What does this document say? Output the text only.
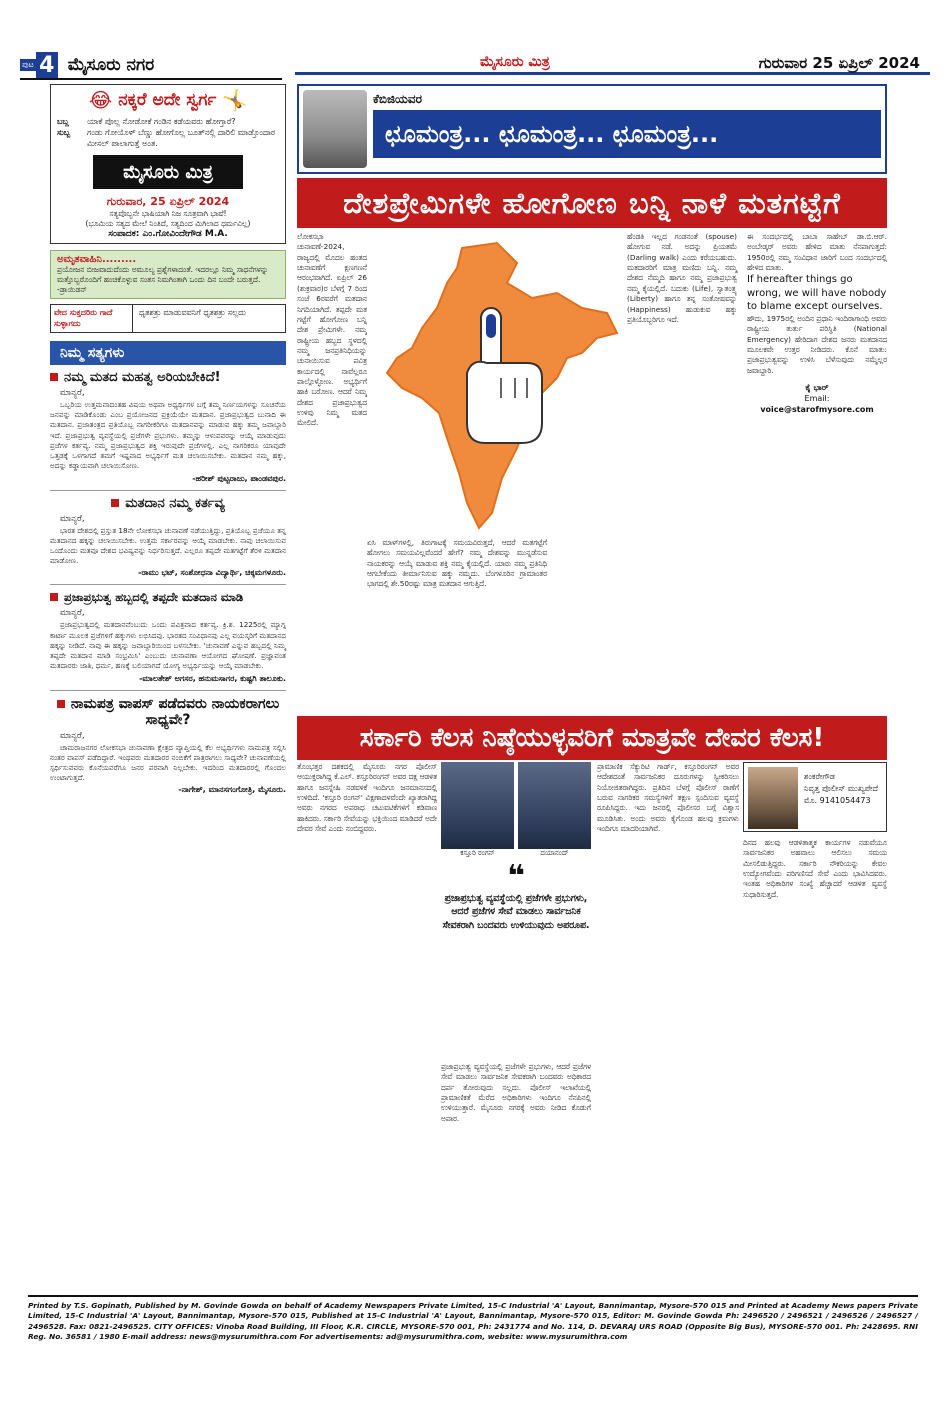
ಪುಟ 4 ಮೈಸೂರು ನಗರ	ಮೈಸೂರು ಮಿತ್ರ	ಗುರುವಾರ 25 ಏಪ್ರಿಲ್ 2024
😂 ನಕ್ಕರೆ ಅದೇ ಸ್ವರ್ಗ 🤸
ಬಬ್ಲ	ಯಾಕೆ ಪೊಲ್ಲ ನೋಡೋಕೆ ಗಂಡಿನ ಕಡೆಯವರು ಹೋಗ್ತಾರೆ?
ಸುಬ್ಬ	ಗಂಡು ಗೋಯೊಳ್ ಬೆಣ್ಣು ಹೋಗೊಲ್ಲ ಬೂತ್‌ನಲ್ಲಿ ದಾರಿಲಿ ಮಾಡ್ತೊಂದಾರ ಮೀಸಲ್ ಪಾಲಾಗುತ್ತೆ ಅಂತ.
ಮೈಸೂರು ಮಿತ್ರ
ಗುರುವಾರ, 25 ಏಪ್ರಿಲ್ 2024
ಸತ್ಯವೊಬ್ಬನೇ ಭಾಷಿಯಾಗಿ ನಿಜ ಸೂತ್ರವಾಗಿ ಭಾಷೆ!
(ಭೂಮಿಯ ಸತ್ಯದ ಮೇಲೆ ನಿಂತಿದೆ, ಸತ್ಯದಿಂದ ಮಿಗಿಲಾದ ಧರ್ಮವಿಲ್ಲ)
ಸಂಪಾದಕ: ಎಂ.ಗೋವಿಂದೇಗೌಡ M.A.
ಅಮೃತವಾಹಿನಿ.........
ಪ್ರಯೋಜನ ಬೀಜವಾದುದೆಂದು ಅಮೂಲ್ಯ ಪ್ರಶ್ನೆಗಳಾದಂತೆ. ಇದರಲ್ಲೂ ನಿಮ್ಮ ಸಾಧನೆಗಳನ್ನು ಮತ್ತೊಬ್ಬರೊಂದಿಗೆ ಹಂಚಿಕೊಳ್ಳುವ ಸಂತಸ ನಿಮಗಿಂತಾಗಿ ಒಂದು ದಿನ ಬಂದೇ ಬರುತ್ತದೆ. -ಡ್ರಾಯಿಡನ್
ವೇದ ಸುಕ್ತದರಿರು ಗಾದೆ ಸುಳ್ಳಾಗದು
ಧೃತಶತ್ರು ಮಾಡುವವನಿಗೆ ಧೃತಶತ್ರು ಸಲ್ಲದು
ನಿಮ್ಮ ಸತ್ಯಗಳು
ನಮ್ಮ ಮತದ ಮಹತ್ವ ಅರಿಯಬೇಕಿದೆ!
ಮಾನ್ಯರೆ,

ಒಬ್ಬರಿಯ ಉತ್ತಮವಾದಂತಹ ವಿಷಯ ಅಥವಾ ಅಧ್ಯರ್ಥಿಗಳ ಬಗ್ಗೆ ತಮ್ಮ ನಿರ್ಣಯಗಳನ್ನು ಸೂಚನೆಯ ಜನವನ್ನು ಮಾಡಿಕೊಂಡು ಎಂಬ ಪ್ರಯೋಜನದ ಪ್ರಕ್ರಿಯೆಯೇ ಮತದಾನ. ಪ್ರಜಾಪ್ರಭುತ್ವದ ಬುನಾದಿ ಈ ಮತದಾನ. ಪ್ರಜಾತಂತ್ರದ ಪ್ರತಿಯೊಬ್ಬ ನಾಗರೀಕರಿಗೂ ಮತದಾನವನ್ನು ಮಾಡುವ ಹಕ್ಕು ತಮ್ಮ ಜವಾಬ್ದಾರಿ ಇದೆ. ಪ್ರಜಾಪ್ರಭುತ್ವ ವ್ಯವಸ್ಥೆಯಲ್ಲಿ ಪ್ರಜೆಗಳೇ ಪ್ರಭುಗಳು. ತಮ್ಮನ್ನು ಆಳುವವರನ್ನು ಆಯ್ಕೆ ಮಾಡುವುದು ಪ್ರಜೆಗಳ ಕರ್ತವ್ಯ. ನಮ್ಮ ಪ್ರಜಾಪ್ರಭುತ್ವದ ಶಕ್ತಿ ಇರುವುದೇ ಪ್ರಜೆಗಳಲ್ಲಿ. ಎಲ್ಲ ನಾಗರಿಕರೂ ಯಾವುದೇ ಒತ್ತಡಕ್ಕೆ ಒಳಗಾಗದೆ ತಮಗೆ ಇಷ್ಟವಾದ ಅಭ್ಯರ್ಥಿಗೆ ಮತ ಚಲಾಯಿಸಬೇಕು. ಮತದಾನ ನಮ್ಮ ಹಕ್ಕು, ಅದನ್ನು ಕಡ್ಡಾಯವಾಗಿ ಚಲಾಯಿಸೋಣ.

-ಹರೀಶ್ ಪುಟ್ಟರಾಜು, ಪಾಂಡವಪುರ.
ಮತದಾನ ನಮ್ಮ ಕರ್ತವ್ಯ
ಮಾನ್ಯರೆ,

ಭಾರತ ದೇಶದಲ್ಲಿ ಪ್ರಸ್ತುತ 18ನೇ ಲೋಕಸಭಾ ಚುನಾವಣೆ ನಡೆಯುತ್ತಿದ್ದು, ಪ್ರತಿಯೊಬ್ಬ ಪ್ರಜೆಯೂ ತನ್ನ ಮತದಾನದ ಹಕ್ಕನ್ನು ಚಲಾಯಿಸಬೇಕು. ಉತ್ತಮ ಸರ್ಕಾರವನ್ನು ಆಯ್ಕೆ ಮಾಡಬೇಕು. ನಾವು ಚಲಾಯಿಸುವ ಒಂದೊಂದು ಮತವೂ ದೇಶದ ಭವಿಷ್ಯವನ್ನು ನಿರ್ಧರಿಸುತ್ತದೆ. ಎಲ್ಲರೂ ತಪ್ಪದೇ ಮತಗಟ್ಟೆಗೆ ತೆರಳಿ ಮತದಾನ ಮಾಡೋಣ.

-ರಾಮು ಭಟ್, ಸಂಶೋಧನಾ ವಿದ್ಯಾರ್ಥಿ, ಚಿಕ್ಕಮಗಳೂರು.
ಪ್ರಜಾಪ್ರಭುತ್ವ ಹಬ್ಬದಲ್ಲಿ ತಪ್ಪದೇ ಮತದಾನ ಮಾಡಿ
ಮಾನ್ಯರೆ,

ಪ್ರಜಾಪ್ರಭುತ್ವದಲ್ಲಿ ಮತದಾನವೆಂಬುದು ಒಂದು ಪವಿತ್ರವಾದ ಕರ್ತವ್ಯ. ಕ್ರಿ.ಶ. 1225ರಲ್ಲಿ ಮ್ಯಾಗ್ನ ಕಾರ್ಟಾ ಮೂಲಕ ಪ್ರಜೆಗಳಿಗೆ ಹಕ್ಕುಗಳು ಲಭಿಸಿದವು. ಭಾರತದ ಸಂವಿಧಾನವು ಎಲ್ಲ ವಯಸ್ಕರಿಗೆ ಮತದಾನದ ಹಕ್ಕನ್ನು ನೀಡಿದೆ. ನಾವು ಈ ಹಕ್ಕನ್ನು ಜವಾಬ್ದಾರಿಯಿಂದ ಬಳಸಬೇಕು. 'ಚುನಾವಣೆ ಎನ್ನುವ ಹಬ್ಬದಲ್ಲಿ ನಿಮ್ಮ ತಪ್ಪದೇ ಮತದಾನ ಮಾಡಿ ಸಂಭ್ರಮಿಸಿ' ಎಂಬುದು ಚುನಾವಣಾ ಆಯೋಗದ ಘೋಷಣೆ. ಪ್ರಜ್ಞಾವಂತ ಮತದಾರರು ಜಾತಿ, ಧರ್ಮ, ಹಣಕ್ಕೆ ಬಲಿಯಾಗದೆ ಯೋಗ್ಯ ಅಭ್ಯರ್ಥಿಯನ್ನು ಆಯ್ಕೆ ಮಾಡಬೇಕು.

-ಮಾಲತೇಶ್ ಅಗಸರ, ಹನುಮಸಾಗರ, ಕುಷ್ಟಗಿ ತಾಲೂಕು.
ನಾಮಪತ್ರ ವಾಪಸ್ ಪಡೆದವರು ನಾಯಕರಾಗಲು ಸಾಧ್ಯವೇ?
ಮಾನ್ಯರೆ,

ಚಾಮರಾಜನಗರ ಲೋಕಸಭಾ ಚುನಾವಣಾ ಕ್ಷೇತ್ರದ ವ್ಯಾಪ್ತಿಯಲ್ಲಿ ಕೆಲ ಅಭ್ಯರ್ಥಿಗಳು ನಾಮಪತ್ರ ಸಲ್ಲಿಸಿ ನಂತರ ವಾಪಸ್ ಪಡೆದಿದ್ದಾರೆ. ಇಂಥವರು ಮತದಾರರ ನಂಬಿಕೆಗೆ ಪಾತ್ರರಾಗಲು ಸಾಧ್ಯವೇ? ಚುನಾವಣೆಯಲ್ಲಿ ಸ್ಪರ್ಧಿಸುವವರು ಕೊನೆಯವರೆಗೂ ಜನರ ಪರವಾಗಿ ನಿಲ್ಲಬೇಕು. ಇದರಿಂದ ಮತದಾರರಲ್ಲಿ ಗೊಂದಲ ಉಂಟಾಗುತ್ತದೆ.

-ನಾಗೇಶ್, ಮಾನಸಗಂಗೋತ್ರಿ, ಮೈಸೂರು.
ಕೆಬಿಜಿಯವರ
ಛೂಮಂತ್ರ... ಛೂಮಂತ್ರ... ಛೂಮಂತ್ರ...
ದೇಶಪ್ರೇಮಿಗಳೇ ಹೋಗೋಣ ಬನ್ನಿ ನಾಳೆ ಮತಗಟ್ಟೆಗೆ
ಲೋಕಸಭಾ ಚುನಾವಣೆ-2024, ರಾಜ್ಯದಲ್ಲಿ ಮೊದಲ ಹಂತದ ಚುನಾವಣೆಗೆ ಕ್ಷಣಗಣನೆ ಆರಂಭವಾಗಿದೆ. ಏಪ್ರಿಲ್ 26 (ಶುಕ್ರವಾರ)ರ ಬೆಳಗ್ಗೆ 7 ರಿಂದ ಸಂಜೆ 6ರವರೆಗೆ ಮತದಾನ ನಿಗದಿಯಾಗಿದೆ. ತಪ್ಪದೇ ಮತ ಗಟ್ಟೆಗೆ ಹೋಗೋಣ ಬನ್ನಿ ದೇಶ ಪ್ರೇಮಿಗಳೇ. ನಮ್ಮ ರಾಷ್ಟ್ರೀಯ ಹಬ್ಬದ ಸ್ಥಳದಲ್ಲಿ ನಮ್ಮ ಜನಪ್ರತಿನಿಧಿಯನ್ನು ಚುನಾಯಿಸುವ ಪವಿತ್ರ ಕಾರ್ಯದಲ್ಲಿ ನಾವೆಲ್ಲರೂ ಪಾಲ್ಗೊಳ್ಳೋಣ. ಅಭ್ಯರ್ಥಿಗೆ ಹಾಕಿ ಬರೋಣ. ಆದರೆ ನಿಮ್ಮ ದೇಶದ ಪ್ರಜಾಪ್ರಭುತ್ವದ ಉಳಿವು ನಿಮ್ಮ ಮತದ ಮೇಲಿದೆ.
ಏಸಿ ಮಾಳ್‌ಗಳಲ್ಲಿ, ತಿರುಗಾಟಕ್ಕೆ ಸಮಯವಿರುತ್ತದೆ, ಆದರೆ ಮತಗಟ್ಟೆಗೆ ಹೋಗಲು ಸಮಯವಿಲ್ಲವೆಂದರೆ ಹೇಗೆ? ನಮ್ಮ ದೇಶವನ್ನು ಮುನ್ನಡೆಸುವ ನಾಯಕರನ್ನು ಆಯ್ಕೆ ಮಾಡುವ ಶಕ್ತಿ ನಮ್ಮ ಕೈಯಲ್ಲಿದೆ. ಯಾರು ನಮ್ಮ ಪ್ರತಿನಿಧಿ ಆಗಬೇಕೆಂದು ತೀರ್ಮಾನಿಸುವ ಹಕ್ಕು ನಮ್ಮದು. ಬೆಂಗಳೂರಿನ ಗ್ರಾಮಾಂತರ ಭಾಗದಲ್ಲಿ ಶೇ.50ರಷ್ಟು ಮಾತ್ರ ಮತದಾನ ಆಗುತ್ತಿದೆ.
ಹೆಂಡತಿ ಇಲ್ಲದ ಗಂಡನಂತೆ (spouse) ಹೋಗುವ ನಡೆ. ಅದನ್ನು ಪ್ರಿಯತಮೆ (Darling walk) ಎಂದು ಕರೆಯಬಹುದು. ಮತದಾರರಿಗೆ ಮಾತ್ರ ಮಣಿದು ಬನ್ನಿ. ನಮ್ಮ ದೇಶದ ನೆಮ್ಮದಿ ಹಾಗೂ ನಮ್ಮ ಪ್ರಜಾಪ್ರಭುತ್ವ ನಮ್ಮ ಕೈಯಲ್ಲಿದೆ. ಬದುಕು (Life), ಸ್ವಾತಂತ್ರ್ಯ (Liberty) ಹಾಗೂ ತನ್ನ ಸಂತೋಷವನ್ನು (Happiness) ಹುಡುಕುವ ಹಕ್ಕು ಪ್ರತಿಯೊಬ್ಬರಿಗೂ ಇದೆ.
ಈ ಸಂದರ್ಭದಲ್ಲಿ ಬಾಬಾ ಸಾಹೇಬ್ ಡಾ.ಬಿ.ಆರ್. ಅಂಬೇಡ್ಕರ್ ಅವರು ಹೇಳಿದ ಮಾತು ನೆನಪಾಗುತ್ತದೆ: 1950ರಲ್ಲಿ ನಮ್ಮ ಸಂವಿಧಾನ ಜಾರಿಗೆ ಬಂದ ಸಂದರ್ಭದಲ್ಲಿ ಹೇಳಿದ ಮಾತು.
If hereafter things go wrong, we will have nobody to blame except ourselves.
ಹೌದು, 1975ರಲ್ಲಿ ಅಂದಿನ ಪ್ರಧಾನಿ ಇಂದಿರಾಗಾಂಧಿ ಅವರು ರಾಷ್ಟ್ರೀಯ ತುರ್ತು ಪರಿಸ್ಥಿತಿ (National Emergency) ಹೇರಿದಾಗ ದೇಶದ ಜನರು ಮತದಾನದ ಮೂಲಕವೇ ಉತ್ತರ ನೀಡಿದರು. ಕೊನೆ ಮಾತು: ಪ್ರಜಾಪ್ರಭುತ್ವವನ್ನು ಉಳಿಸಿ ಬೆಳೆಸುವುದು ನಮ್ಮೆಲ್ಲರ ಜವಾಬ್ದಾರಿ.
ಕೈ ಭಾರ್‌
Email:
voice@starofmysore.com
ಸರ್ಕಾರಿ ಕೆಲಸ ನಿಷ್ಠೆಯುಳ್ಳವರಿಗೆ ಮಾತ್ರವೇ ದೇವರ ಕೆಲಸ!
ತೊಂಭತ್ತರ ದಶಕದಲ್ಲಿ ಮೈಸೂರು ನಗರ ಪೊಲೀಸ್ ಆಯುಕ್ತರಾಗಿದ್ದ ಕೆ.ಎಲ್. ಕಸ್ತೂರಿರಂಗನ್ ಅವರ ದಕ್ಷ ಆಡಳಿತ ಹಾಗೂ ಜನಸ್ನೇಹಿ ನಡವಳಿಕೆ ಇಂದಿಗೂ ಜನಮಾನಸದಲ್ಲಿ ಉಳಿದಿದೆ. 'ಕಸ್ತೂರಿ ರಂಗನ್' ವಿಕ್ಷಣಾದಳವೆಂದೇ ಖ್ಯಾತರಾಗಿದ್ದ ಅವರು ನಗರದ ಅಪರಾಧ ಚಟುವಟಿಕೆಗಳಿಗೆ ಕಡಿವಾಣ ಹಾಕಿದರು. ಸರ್ಕಾರಿ ಸೇವೆಯನ್ನು ಭಕ್ತಿಯಿಂದ ಮಾಡಿದರೆ ಅದೇ ದೇವರ ಸೇವೆ ಎಂದು ನಂಬಿದ್ದವರು.
ಕಸ್ತೂರಿ ರಂಗನ್	ದಯಾನಂದ್
❝
ಪ್ರಜಾಪ್ರಭುತ್ವ ವ್ಯವಸ್ಥೆಯಲ್ಲಿ ಪ್ರಜೆಗಳೇ ಪ್ರಭುಗಳು, ಆದರೆ ಪ್ರಜೆಗಳ ಸೇವೆ ಮಾಡಲು ಸಾರ್ವಜನಿಕ ಸೇವಕರಾಗಿ ಬಂದವರು ಉಳಿಯುವುದು ಅಪರೂಪ.
ಪ್ರಜಾಪ್ರಭುತ್ವ ವ್ಯವಸ್ಥೆಯಲ್ಲಿ ಪ್ರಜೆಗಳೇ ಪ್ರಭುಗಳು, ಆದರೆ ಪ್ರಜೆಗಳ ಸೇವೆ ಮಾಡಲು ಸಾರ್ವಜನಿಕ ಸೇವಕರಾಗಿ ಬಂದವರು ಅಧಿಕಾರದ ದರ್ಪ ತೋರುವುದು ಸಲ್ಲದು. ಪೊಲೀಸ್ ಇಲಾಖೆಯಲ್ಲಿ ಪ್ರಾಮಾಣಿಕತೆ ಮೆರೆದ ಅಧಿಕಾರಿಗಳು ಇಂದಿಗೂ ನೆನಪಿನಲ್ಲಿ ಉಳಿಯುತ್ತಾರೆ. ಮೈಸೂರು ನಗರಕ್ಕೆ ಅವರು ನೀಡಿದ ಕೊಡುಗೆ ಅಪಾರ.
ಪ್ರಾಮಾಣಿಕ ಸೆಕ್ಯುರಿಟಿ ಗಾರ್ಡ್, ಕಸ್ತೂರಿರಂಗನ್ ಅವರ ಆದೇಶದಂತೆ ಸಾರ್ವಜನಿಕರ ದೂರುಗಳನ್ನು ಸ್ವೀಕರಿಸಲು ನಿಯೋಜಿತರಾಗಿದ್ದರು. ಪ್ರತಿದಿನ ಬೆಳಗ್ಗೆ ಪೊಲೀಸ್ ಠಾಣೆಗೆ ಬರುವ ನಾಗರಿಕರ ಸಮಸ್ಯೆಗಳಿಗೆ ತಕ್ಷಣ ಸ್ಪಂದಿಸುವ ವ್ಯವಸ್ಥೆ ರೂಪಿಸಿದ್ದರು. ಇದು ಜನರಲ್ಲಿ ಪೊಲೀಸರ ಬಗ್ಗೆ ವಿಶ್ವಾಸ ಮೂಡಿಸಿತು. ಅಂದು ಅವರು ಕೈಗೊಂಡ ಹಲವು ಕ್ರಮಗಳು ಇಂದಿಗೂ ಮಾದರಿಯಾಗಿವೆ.
ಶಂಕರೇಗೌಡ
ನಿವೃತ್ತ ಪೊಲೀಸ್ ಮುಖ್ಯಪೇದೆ
ಮೊ. 9141054473
ದಿನದ ಹಲವು ಆಡಳಿತಾತ್ಮಕ ಕಾರ್ಯಗಳ ನಡುವೆಯೂ ಸಾರ್ವಜನಿಕರ ಅಹವಾಲು ಆಲಿಸಲು ಸಮಯ ಮೀಸಲಿಡುತ್ತಿದ್ದರು. ಸರ್ಕಾರಿ ನೌಕರಿಯನ್ನು ಕೇವಲ ಉದ್ಯೋಗವೆಂದು ಪರಿಗಣಿಸದೆ ಸೇವೆ ಎಂದು ಭಾವಿಸಿದವರು. ಇಂತಹ ಅಧಿಕಾರಿಗಳ ಸಂಖ್ಯೆ ಹೆಚ್ಚಾದರೆ ಆಡಳಿತ ವ್ಯವಸ್ಥೆ ಸುಧಾರಿಸುತ್ತದೆ.
Printed by T.S. Gopinath, Published by M. Govinde Gowda on behalf of Academy Newspapers Private Limited, 15-C Industrial 'A' Layout, Bannimantap, Mysore-570 015 and Printed at Academy News papers Private Limited, 15-C Industrial 'A' Layout, Bannimantap, Mysore-570 015, Published at 15-C Industrial 'A' Layout, Bannimantap, Mysore-570 015, Editor: M. Govinde Gowda Ph: 2496520 / 2496521 / 2496526 / 2496527 / 2496528. Fax: 0821-2496525. CITY OFFICES: Vinoba Road Building, III Floor, K.R. CIRCLE, MYSORE-570 001, Ph: 2431774 and No. 114, D. DEVARAJ URS ROAD (Opposite Big Bus), MYSORE-570 001. Ph: 2428695. RNI Reg. No. 36581 / 1980 E-mail address: news@mysurumithra.com For advertisements: ad@mysurumithra.com, website: www.mysurumithra.com
